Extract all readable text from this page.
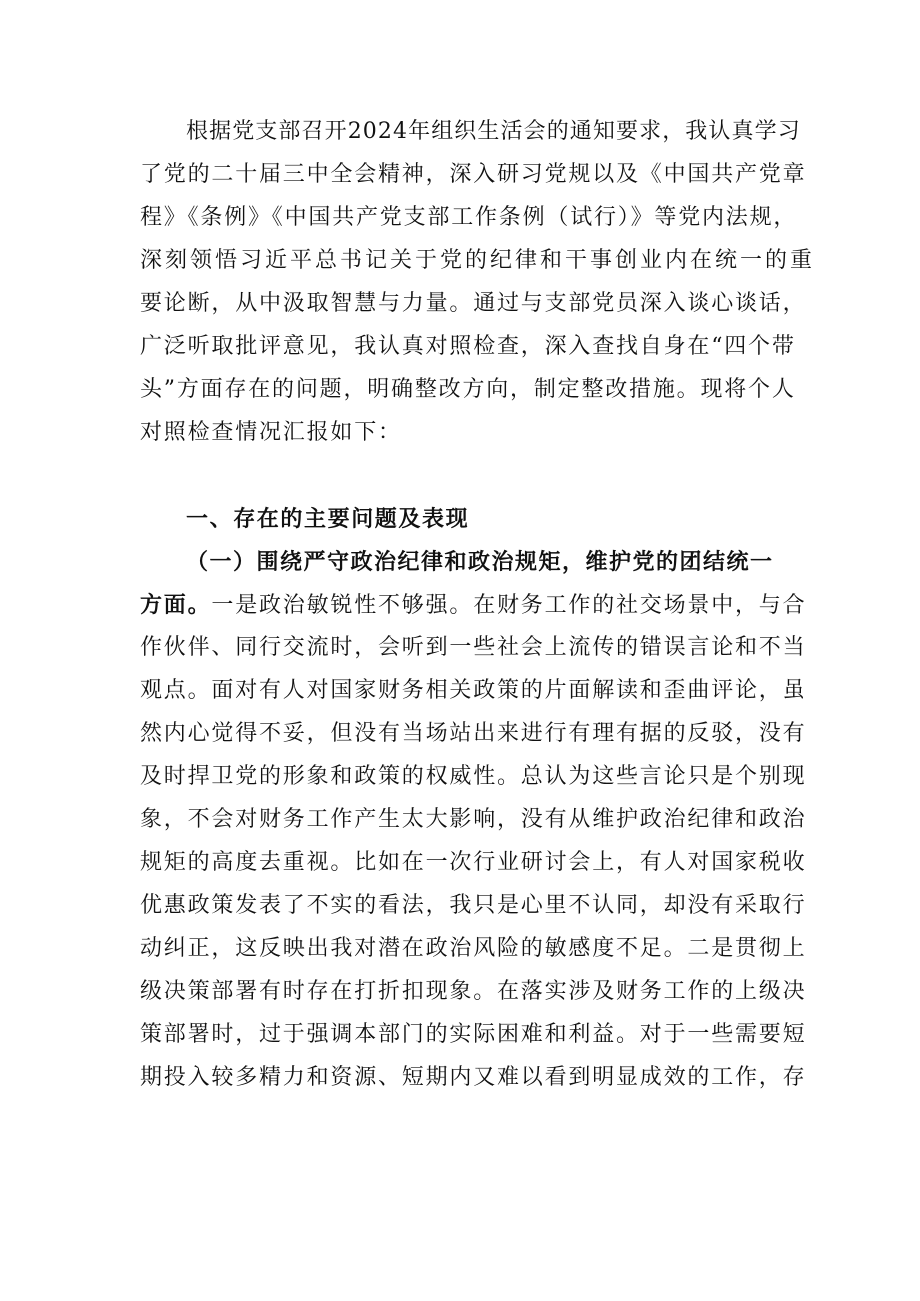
根据党支部召开2024年组织生活会的通知要求，我认真学习
了党的二十届三中全会精神，深入研习党规以及《中国共产党章
程》《条例》《中国共产党支部工作条例（试行）》等党内法规，
深刻领悟习近平总书记关于党的纪律和干事创业内在统一的重
要论断，从中汲取智慧与力量。通过与支部党员深入谈心谈话，
广泛听取批评意见，我认真对照检查，深入查找自身在“四个带
头”方面存在的问题，明确整改方向，制定整改措施。现将个人
对照检查情况汇报如下：
一、存在的主要问题及表现
（一）围绕严守政治纪律和政治规矩，维护党的团结统一
方面。一是政治敏锐性不够强。在财务工作的社交场景中，与合
作伙伴、同行交流时，会听到一些社会上流传的错误言论和不当
观点。面对有人对国家财务相关政策的片面解读和歪曲评论，虽
然内心觉得不妥，但没有当场站出来进行有理有据的反驳，没有
及时捍卫党的形象和政策的权威性。总认为这些言论只是个别现
象，不会对财务工作产生太大影响，没有从维护政治纪律和政治
规矩的高度去重视。比如在一次行业研讨会上，有人对国家税收
优惠政策发表了不实的看法，我只是心里不认同，却没有采取行
动纠正，这反映出我对潜在政治风险的敏感度不足。二是贯彻上
级决策部署有时存在打折扣现象。在落实涉及财务工作的上级决
策部署时，过于强调本部门的实际困难和利益。对于一些需要短
期投入较多精力和资源、短期内又难以看到明显成效的工作，存
